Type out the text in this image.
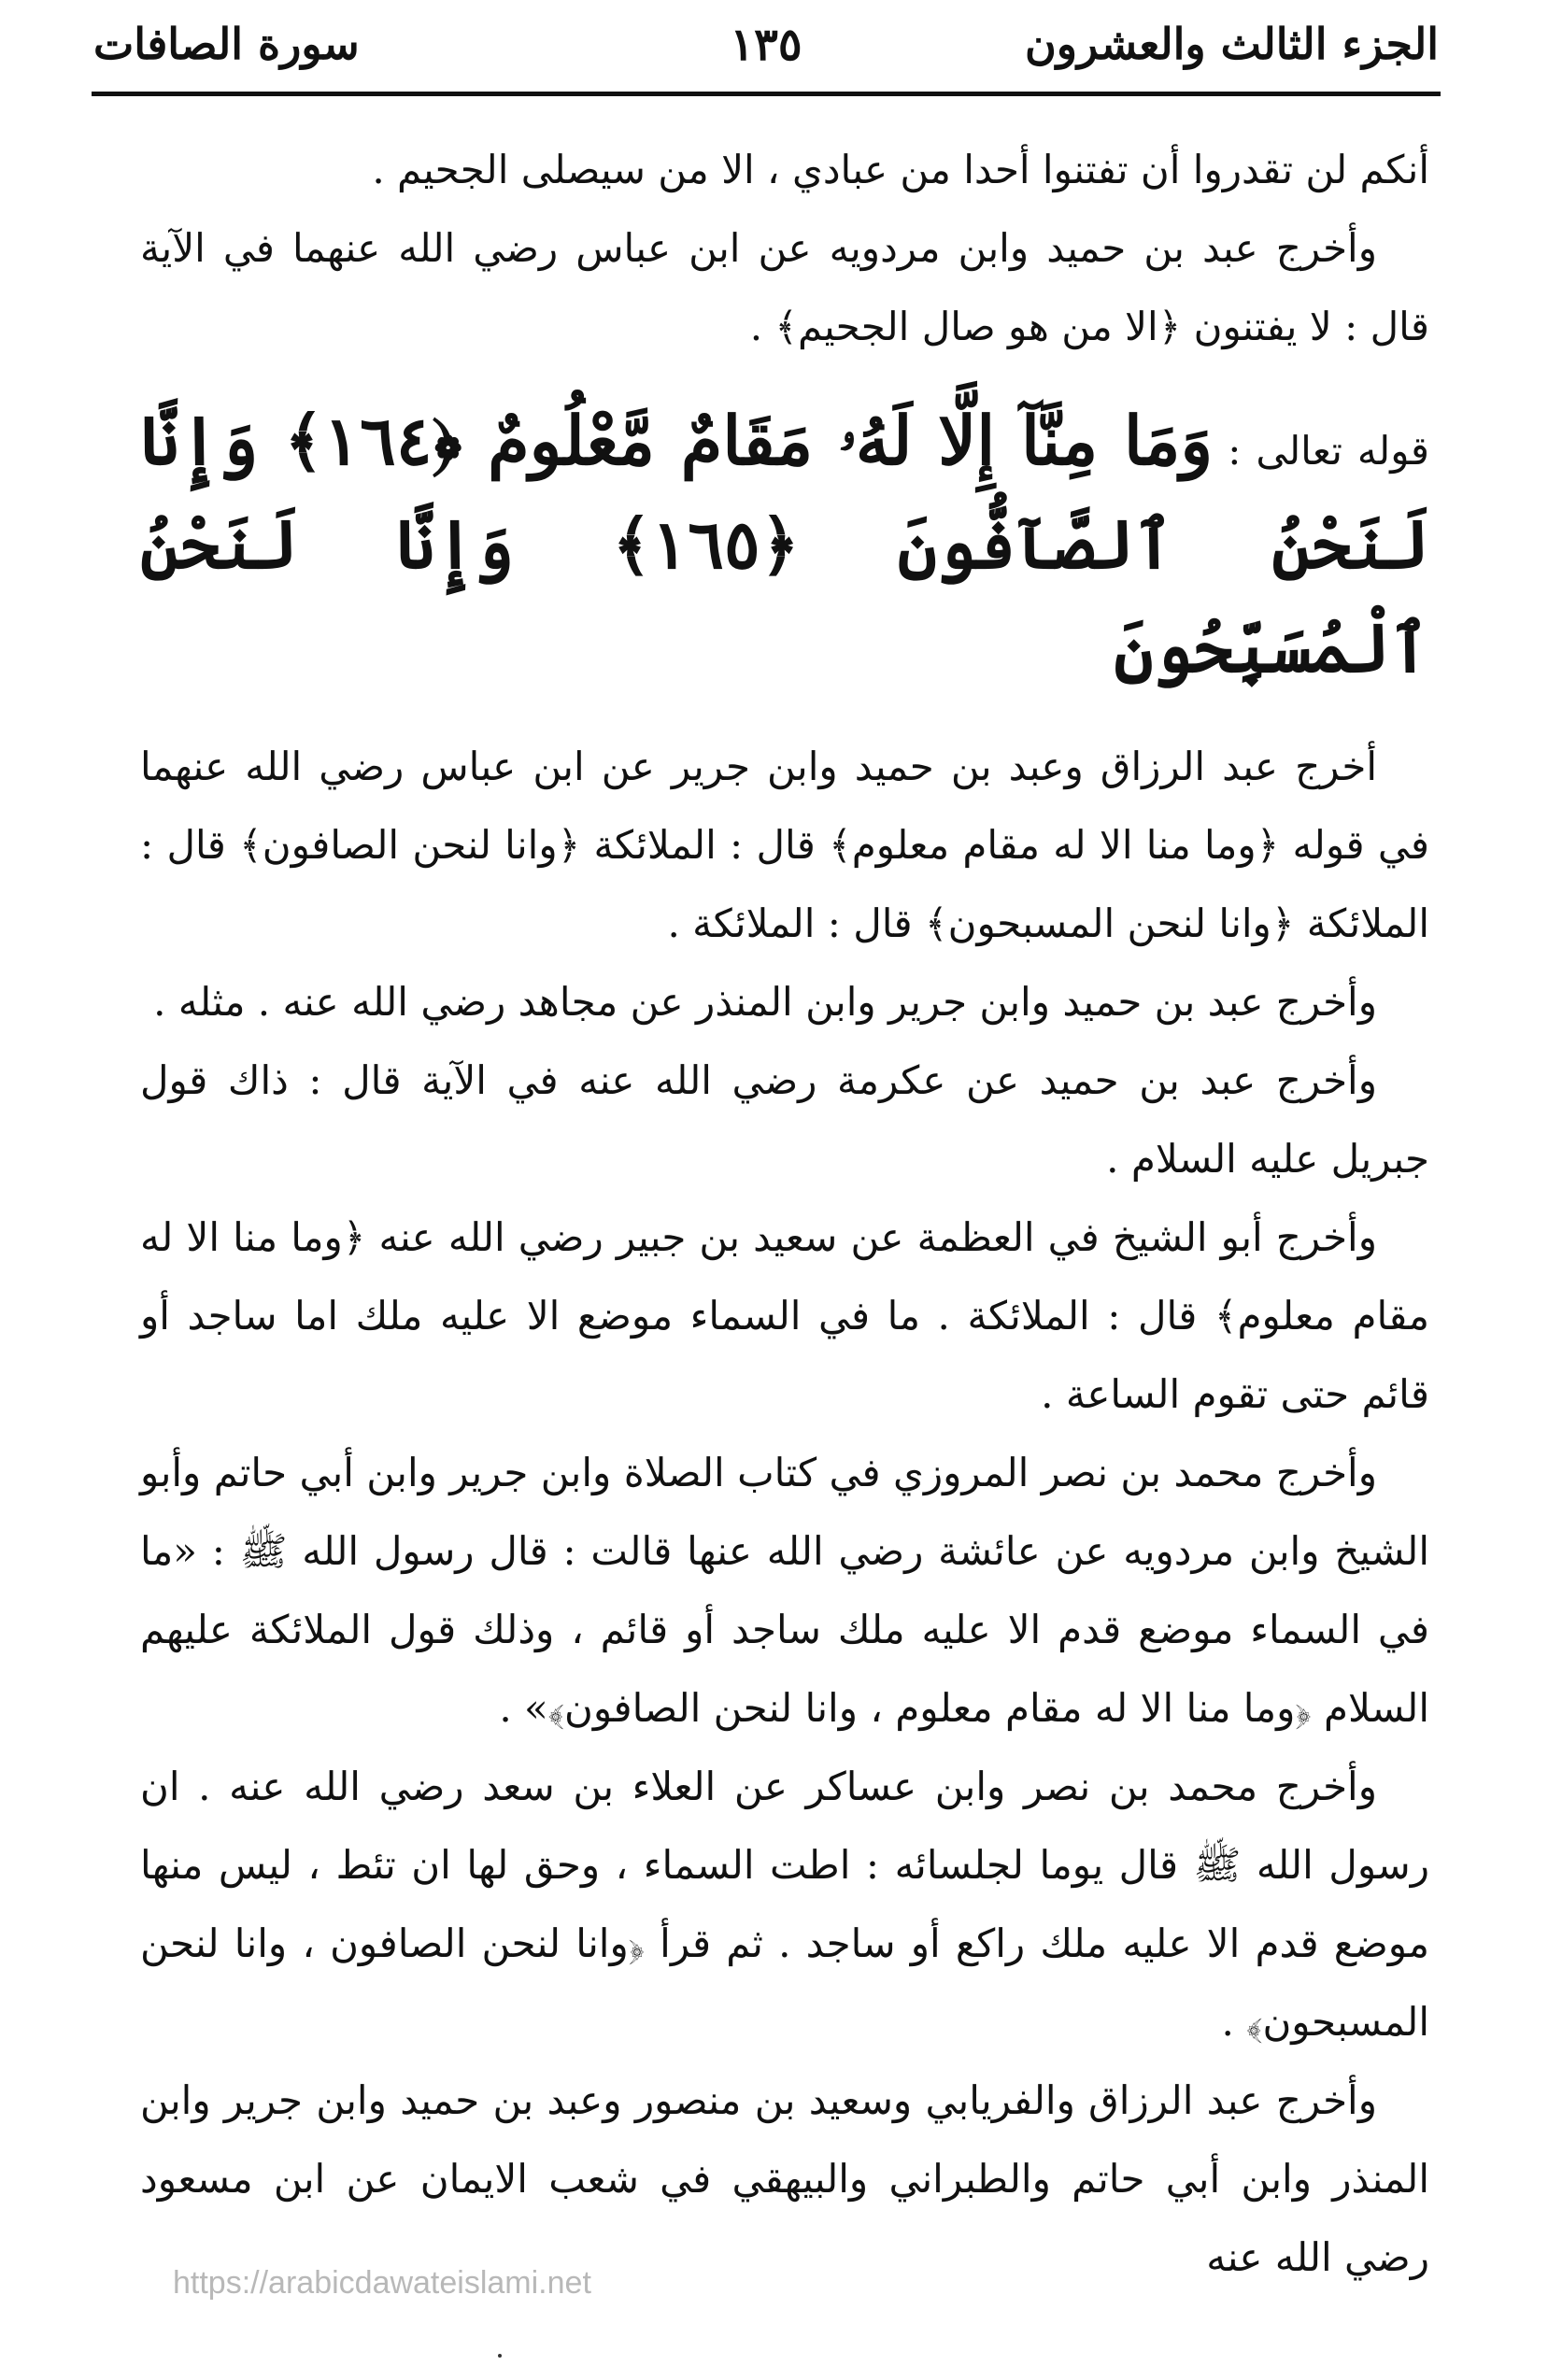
الجزء الثالث والعشرون
١٣٥
سورة الصافات

أنكم لن تقدروا أن تفتنوا أحدا من عبادي ، الا من سيصلى الجحيم .

وأخرج عبد بن حميد وابن مردويه عن ابن عباس رضي الله عنهما في الآية قال : لا يفتنون ﴿الا من هو صال الجحيم﴾ .

قوله تعالى : وَمَا مِنَّآ إِلَّا لَهُۥ مَقَامٌ مَّعْلُومٌ ﴿١٦٤﴾ وَإِنَّا لَنَحْنُ ٱلصَّآفُّونَ ﴿١٦٥﴾ وَإِنَّا لَنَحْنُ ٱلْمُسَبِّحُونَ

أخرج عبد الرزاق وعبد بن حميد وابن جرير عن ابن عباس رضي الله عنهما في قوله ﴿وما منا الا له مقام معلوم﴾ قال : الملائكة ﴿وانا لنحن الصافون﴾ قال : الملائكة ﴿وانا لنحن المسبحون﴾ قال : الملائكة .

وأخرج عبد بن حميد وابن جرير وابن المنذر عن مجاهد رضي الله عنه . مثله .

وأخرج عبد بن حميد عن عكرمة رضي الله عنه في الآية قال : ذاك قول جبريل عليه السلام .

وأخرج أبو الشيخ في العظمة عن سعيد بن جبير رضي الله عنه ﴿وما منا الا له مقام معلوم﴾ قال : الملائكة . ما في السماء موضع الا عليه ملك اما ساجد أو قائم حتى تقوم الساعة .

وأخرج محمد بن نصر المروزي في كتاب الصلاة وابن جرير وابن أبي حاتم وأبو الشيخ وابن مردويه عن عائشة رضي الله عنها قالت : قال رسول الله ﷺ : «ما في السماء موضع قدم الا عليه ملك ساجد أو قائم ، وذلك قول الملائكة عليهم السلام ﴿وما منا الا له مقام معلوم ، وانا لنحن الصافون﴾» .

وأخرج محمد بن نصر وابن عساكر عن العلاء بن سعد رضي الله عنه . ان رسول الله ﷺ قال يوما لجلسائه : اطت السماء ، وحق لها ان تئط ، ليس منها موضع قدم الا عليه ملك راكع أو ساجد . ثم قرأ ﴿وانا لنحن الصافون ، وانا لنحن المسبحون﴾ .

وأخرج عبد الرزاق والفريابي وسعيد بن منصور وعبد بن حميد وابن جرير وابن المنذر وابن أبي حاتم والطبراني والبيهقي في شعب الايمان عن ابن مسعود رضي الله عنه

https://arabicdawateislami.net
